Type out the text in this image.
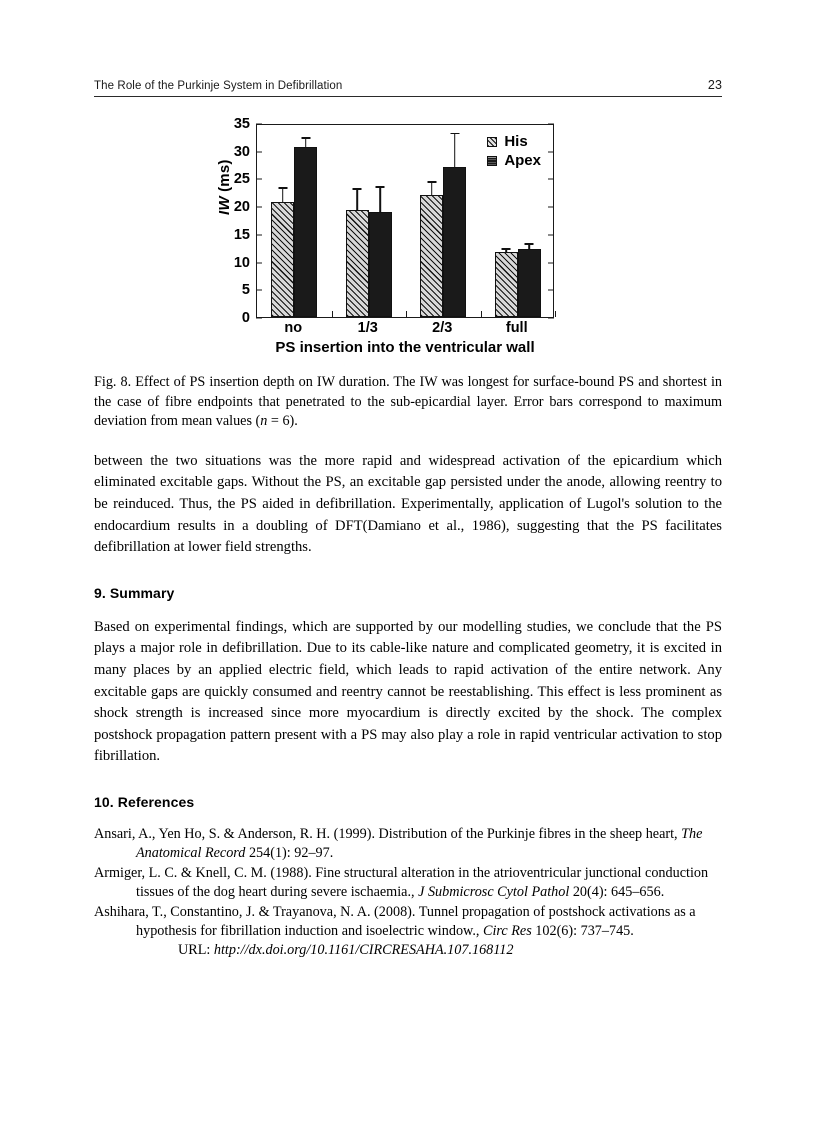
The Role of the Purkinje System in Defibrillation	23
IW (ms)
His
Apex
0
5
10
15
20
25
30
35
no	1/3	2/3	full
PS insertion into the ventricular wall
Fig. 8. Effect of PS insertion depth on IW duration. The IW was longest for surface-bound PS and shortest in the case of fibre endpoints that penetrated to the sub-epicardial layer. Error bars correspond to maximum deviation from mean values (n = 6).
between the two situations was the more rapid and widespread activation of the epicardium which eliminated excitable gaps. Without the PS, an excitable gap persisted under the anode, allowing reentry to be reinduced. Thus, the PS aided in defibrillation. Experimentally, application of Lugol's solution to the endocardium results in a doubling of DFT(Damiano et al., 1986), suggesting that the PS facilitates defibrillation at lower field strengths.
9. Summary
Based on experimental findings, which are supported by our modelling studies, we conclude that the PS plays a major role in defibrillation. Due to its cable-like nature and complicated geometry, it is excited in many places by an applied electric field, which leads to rapid activation of the entire network. Any excitable gaps are quickly consumed and reentry cannot be reestablishing. This effect is less prominent as shock strength is increased since more myocardium is directly excited by the shock. The complex postshock propagation pattern present with a PS may also play a role in rapid ventricular activation to stop fibrillation.
10. References
Ansari, A., Yen Ho, S. & Anderson, R. H. (1999). Distribution of the Purkinje fibres in the sheep heart, The Anatomical Record 254(1): 92–97.
Armiger, L. C. & Knell, C. M. (1988). Fine structural alteration in the atrioventricular junctional conduction tissues of the dog heart during severe ischaemia., J Submicrosc Cytol Pathol 20(4): 645–656.
Ashihara, T., Constantino, J. & Trayanova, N. A. (2008). Tunnel propagation of postshock activations as a hypothesis for fibrillation induction and isoelectric window., Circ Res 102(6): 737–745.
URL: http://dx.doi.org/10.1161/CIRCRESAHA.107.168112
